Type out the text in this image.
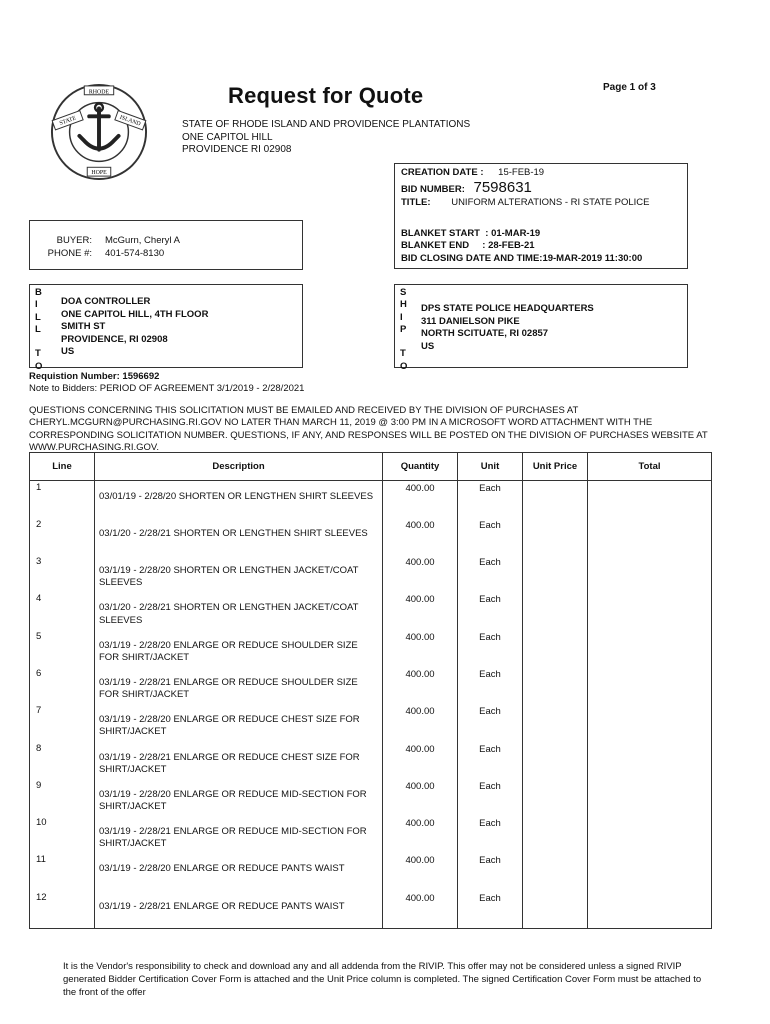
RHODE
STATE	ISLAND
HOPE
Request for Quote	Page 1 of 3
STATE OF RHODE ISLAND AND PROVIDENCE PLANTATIONS
ONE CAPITOL HILL
PROVIDENCE RI 02908
CREATION DATE : 15-FEB-19
BID NUMBER: 7598631
TITLE: UNIFORM ALTERATIONS - RI STATE POLICE
BLANKET START  : 01-MAR-19
BLANKET END     : 28-FEB-21
BID CLOSING DATE AND TIME:19-MAR-2019 11:30:00
BUYER: McGurn, Cheryl A
PHONE #: 401-574-8130
B
I
L
L
T
O
DOA CONTROLLER
ONE CAPITOL HILL, 4TH FLOOR
SMITH ST
PROVIDENCE, RI 02908
US
S
H
I
P
T
O
DPS STATE POLICE HEADQUARTERS
311 DANIELSON PIKE
NORTH SCITUATE, RI 02857
US
Requistion Number: 1596692
Note to Bidders: PERIOD OF AGREEMENT 3/1/2019 - 2/28/2021
QUESTIONS CONCERNING THIS SOLICITATION MUST BE EMAILED AND RECEIVED BY THE DIVISION OF PURCHASES AT CHERYL.MCGURN@PURCHASING.RI.GOV NO LATER THAN MARCH 11, 2019 @ 3:00 PM IN A MICROSOFT WORD ATTACHMENT WITH THE CORRESPONDING SOLICITATION NUMBER. QUESTIONS, IF ANY, AND RESPONSES WILL BE POSTED ON THE DIVISION OF PURCHASES WEBSITE AT WWW.PURCHASING.RI.GOV.
Line	Description	Quantity	Unit	Unit Price	Total
1	03/01/19 - 2/28/20 SHORTEN OR LENGTHEN SHIRT SLEEVES	400.00	Each		
2	03/1/20 - 2/28/21 SHORTEN OR LENGTHEN SHIRT SLEEVES	400.00	Each		
3	03/1/19 - 2/28/20 SHORTEN OR LENGTHEN JACKET/COAT SLEEVES	400.00	Each		
4	03/1/20 - 2/28/21 SHORTEN OR LENGTHEN JACKET/COAT SLEEVES	400.00	Each		
5	03/1/19 - 2/28/20 ENLARGE OR REDUCE SHOULDER SIZE FOR SHIRT/JACKET	400.00	Each		
6	03/1/19 - 2/28/21 ENLARGE OR REDUCE SHOULDER SIZE FOR SHIRT/JACKET	400.00	Each		
7	03/1/19 - 2/28/20 ENLARGE OR REDUCE CHEST SIZE FOR SHIRT/JACKET	400.00	Each		
8	03/1/19 - 2/28/21 ENLARGE OR REDUCE CHEST SIZE FOR SHIRT/JACKET	400.00	Each		
9	03/1/19 - 2/28/20 ENLARGE OR REDUCE MID-SECTION FOR SHIRT/JACKET	400.00	Each		
10	03/1/19 - 2/28/21 ENLARGE OR REDUCE MID-SECTION FOR SHIRT/JACKET	400.00	Each		
11	03/1/19 - 2/28/20 ENLARGE OR REDUCE PANTS WAIST	400.00	Each		
12	03/1/19 - 2/28/21 ENLARGE OR REDUCE PANTS WAIST	400.00	Each		
It is the Vendor's responsibility to check and download any and all addenda from the RIVIP. This offer may not be considered unless a signed RIVIP generated Bidder Certification Cover Form is attached and the Unit Price column is completed. The signed Certification Cover Form must be attached to the front of the offer
